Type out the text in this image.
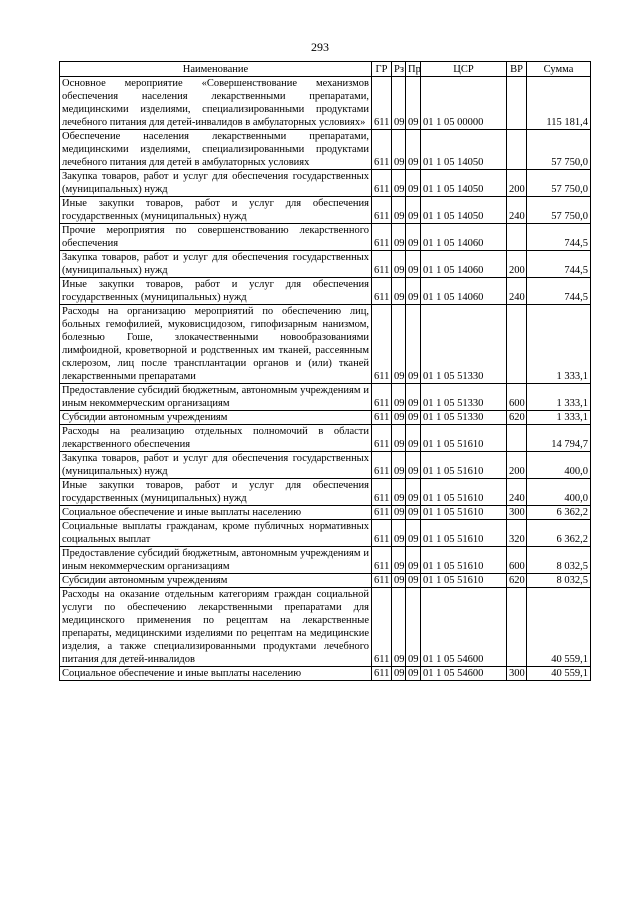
293
Наименование	ГР	Рз	Пр	ЦСР	ВР	Сумма
Основное мероприятие «Совершенствование механизмов обеспечения населения лекарственными препаратами, медицинскими изделиями, специализированными продуктами лечебного питания для детей-инвалидов в амбулаторных условиях»	611	09	09	01 1 05 00000		115 181,4
Обеспечение населения лекарственными препаратами, медицинскими изделиями, специализированными продуктами лечебного питания для детей в амбулаторных условиях	611	09	09	01 1 05 14050		57 750,0
Закупка товаров, работ и услуг для обеспечения государственных (муниципальных) нужд	611	09	09	01 1 05 14050	200	57 750,0
Иные закупки товаров, работ и услуг для обеспечения государственных (муниципальных) нужд	611	09	09	01 1 05 14050	240	57 750,0
Прочие мероприятия по совершенствованию лекарственного обеспечения	611	09	09	01 1 05 14060		744,5
Закупка товаров, работ и услуг для обеспечения государственных (муниципальных) нужд	611	09	09	01 1 05 14060	200	744,5
Иные закупки товаров, работ и услуг для обеспечения государственных (муниципальных) нужд	611	09	09	01 1 05 14060	240	744,5
Расходы на организацию мероприятий по обеспечению лиц, больных гемофилией, муковисцидозом, гипофизарным нанизмом, болезнью Гоше, злокачественными новообразованиями лимфоидной, кроветворной и родственных им тканей, рассеянным склерозом, лиц после трансплантации органов и (или) тканей лекарственными препаратами	611	09	09	01 1 05 51330		1 333,1
Предоставление субсидий бюджетным, автономным учреждениям и иным некоммерческим организациям	611	09	09	01 1 05 51330	600	1 333,1
Субсидии автономным учреждениям	611	09	09	01 1 05 51330	620	1 333,1
Расходы на реализацию отдельных полномочий в области лекарственного обеспечения	611	09	09	01 1 05 51610		14 794,7
Закупка товаров, работ и услуг для обеспечения государственных (муниципальных) нужд	611	09	09	01 1 05 51610	200	400,0
Иные закупки товаров, работ и услуг для обеспечения государственных (муниципальных) нужд	611	09	09	01 1 05 51610	240	400,0
Социальное обеспечение и иные выплаты населению	611	09	09	01 1 05 51610	300	6 362,2
Социальные выплаты гражданам, кроме публичных нормативных социальных выплат	611	09	09	01 1 05 51610	320	6 362,2
Предоставление субсидий бюджетным, автономным учреждениям и иным некоммерческим организациям	611	09	09	01 1 05 51610	600	8 032,5
Субсидии автономным учреждениям	611	09	09	01 1 05 51610	620	8 032,5
Расходы на оказание отдельным категориям граждан социальной услуги по обеспечению лекарственными препаратами для медицинского применения по рецептам на лекарственные препараты, медицинскими изделиями по рецептам на медицинские изделия, а также специализированными продуктами лечебного питания для детей-инвалидов	611	09	09	01 1 05 54600		40 559,1
Социальное обеспечение и иные выплаты населению	611	09	09	01 1 05 54600	300	40 559,1
